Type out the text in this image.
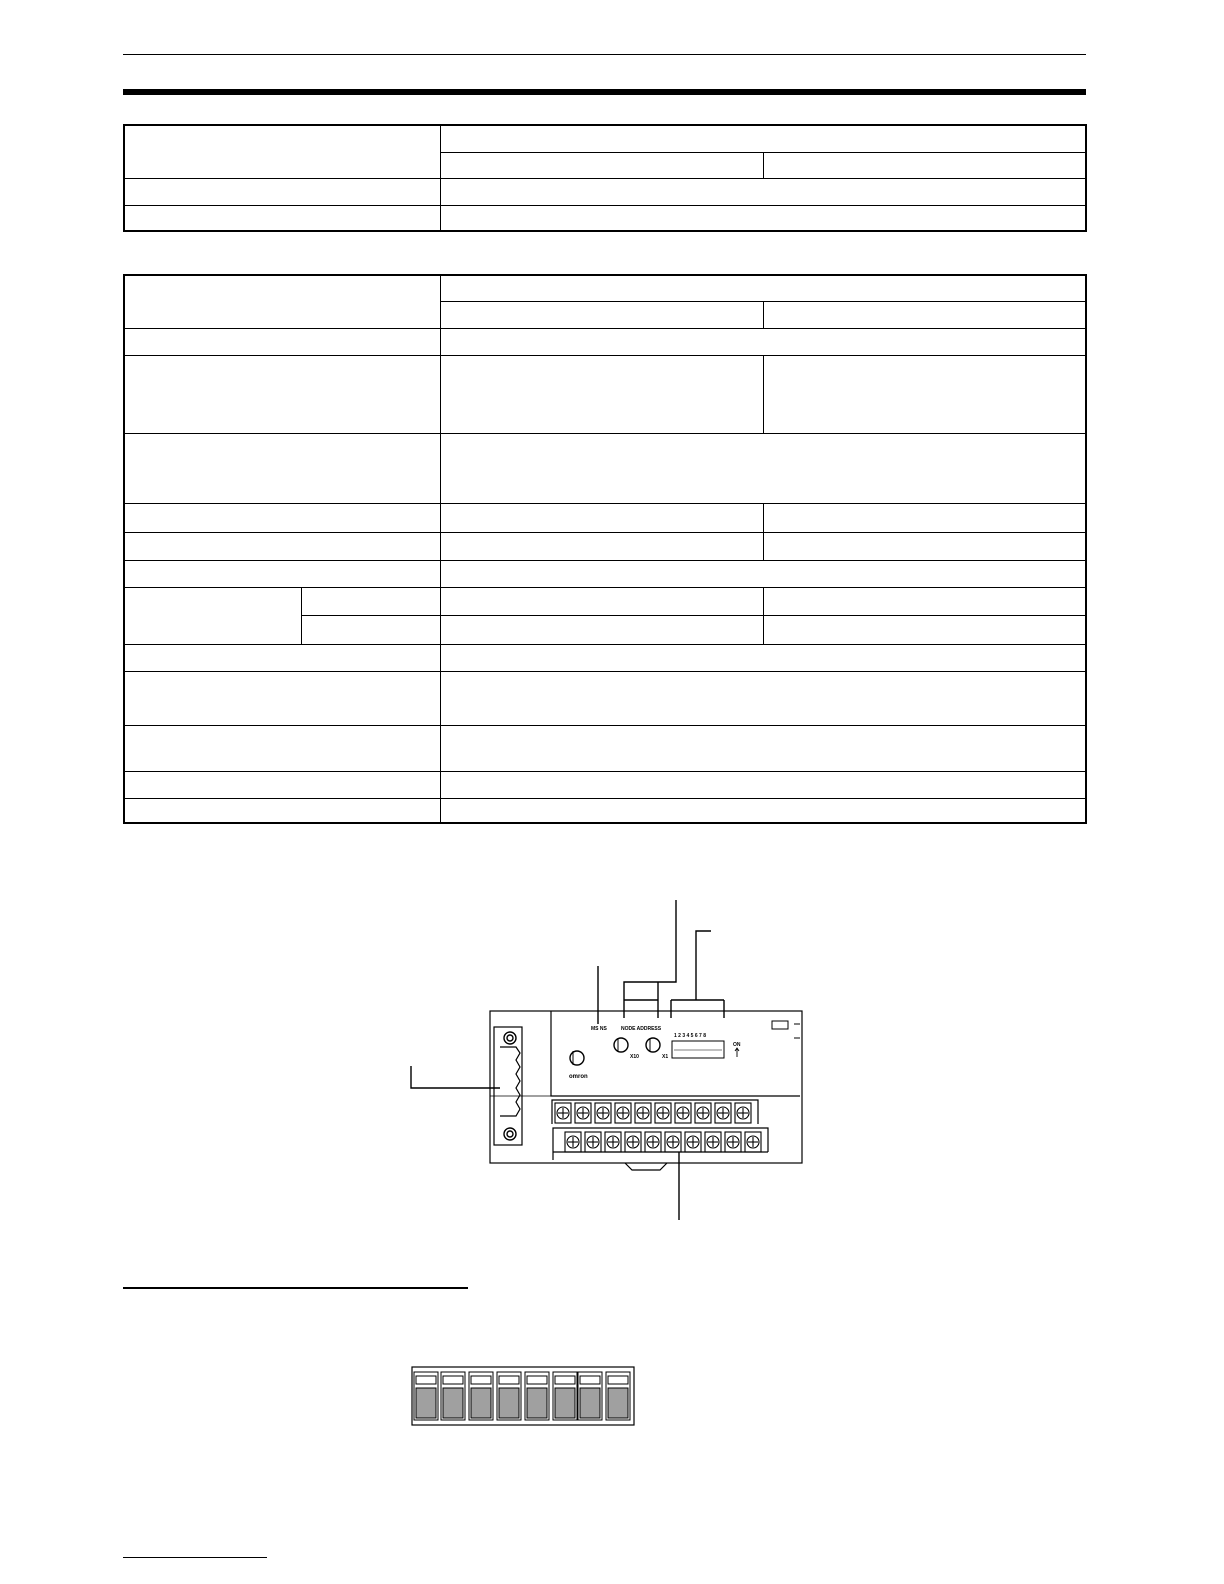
MS NS	NODE ADDRESS
X10	X1
1 2 3 4 5 6 7 8
ON
omron
